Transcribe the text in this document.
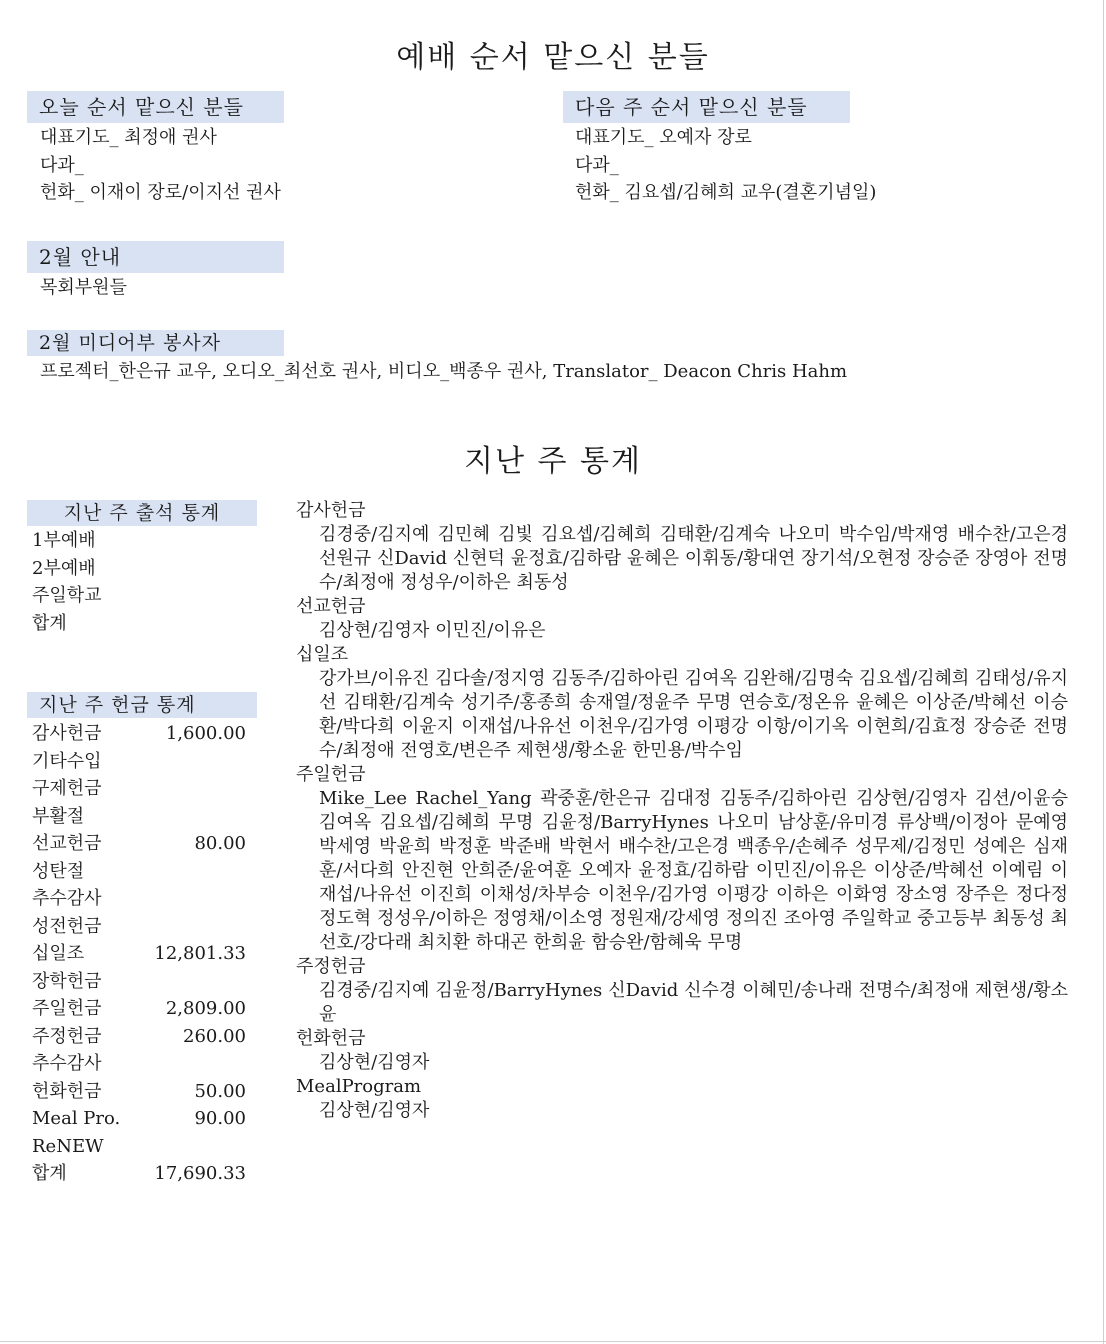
예배 순서 맡으신 분들
오늘 순서 맡으신 분들
대표기도_ 최정애 권사
다과_
헌화_ 이재이 장로/이지선 권사
다음 주 순서 맡으신 분들
대표기도_ 오예자 장로
다과_
헌화_ 김요셉/김혜희 교우(결혼기념일)
2월 안내
목회부원들
2월 미디어부 봉사자
프로젝터_한은규 교우, 오디오_최선호 권사, 비디오_백종우 권사, Translator_ Deacon Chris Hahm
지난 주 통계
지난 주 출석 통계
1부예배
2부예배
주일학교
합계
지난 주 헌금 통계
감사헌금	1,600.00
기타수입
구제헌금
부활절
선교헌금	80.00
성탄절
추수감사
성전헌금
십일조	12,801.33
장학헌금
주일헌금	2,809.00
주정헌금	260.00
추수감사
헌화헌금	50.00
Meal Pro.	90.00
ReNEW
합계	17,690.33
감사헌금
김경중/김지예 김민혜 김빛 김요셉/김혜희 김태환/김계숙 나오미 박수임/박재영 배수찬/고은경 선원규 신David 신현덕 윤정효/김하람 윤혜은 이휘동/황대연 장기석/오현정 장승준 장영아 전명수/최정애 정성우/이하은 최동성
선교헌금
김상현/김영자 이민진/이유은
십일조
강가브/이유진 김다솔/정지영 김동주/김하아린 김여옥 김완해/김명숙 김요셉/김혜희 김태성/유지선 김태환/김계숙 성기주/홍종희 송재열/정윤주 무명 연승호/정온유 윤혜은 이상준/박혜선 이승환/박다희 이윤지 이재섭/나유선 이천우/김가영 이평강 이항/이기옥 이현희/김효정 장승준 전명수/최정애 전영호/변은주 제현생/황소윤 한민용/박수임
주일헌금
Mike_Lee Rachel_Yang 곽중훈/한은규 김대정 김동주/김하아린 김상현/김영자 김션/이윤승 김여옥 김요셉/김혜희 무명 김윤정/BarryHynes 나오미 남상훈/유미경 류상백/이정아 문예영 박세영 박윤희 박정훈 박준배 박현서 배수찬/고은경 백종우/손혜주 성무제/김정민 성예은 심재훈/서다희 안진현 안희준/윤여훈 오예자 윤정효/김하람 이민진/이유은 이상준/박혜선 이예림 이재섭/나유선 이진희 이채성/차부승 이천우/김가영 이평강 이하은 이화영 장소영 장주은 정다정 정도혁 정성우/이하은 정영채/이소영 정원재/강세영 정의진 조아영 주일학교 중고등부 최동성 최선호/강다래 최치환 하대곤 한희윤 함승완/함혜욱 무명
주정헌금
김경중/김지예 김윤정/BarryHynes 신David 신수경 이혜민/송나래 전명수/최정애 제현생/황소윤
헌화헌금
김상현/김영자
MealProgram
김상현/김영자
